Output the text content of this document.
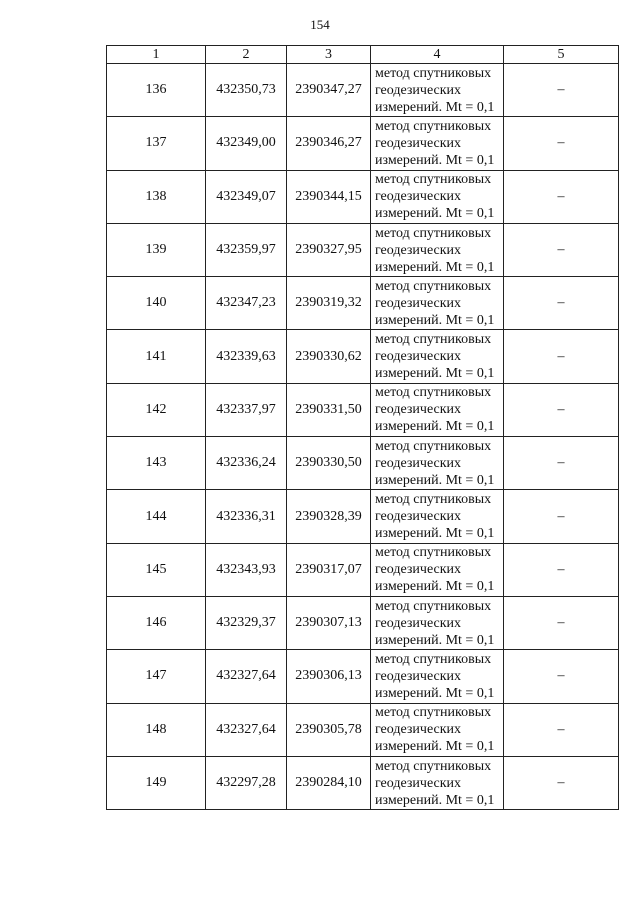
154
1	2	3	4	5
136	432350,73	2390347,27	метод спутниковых
геодезических
измерений. Mt = 0,1	–
137	432349,00	2390346,27	метод спутниковых
геодезических
измерений. Mt = 0,1	–
138	432349,07	2390344,15	метод спутниковых
геодезических
измерений. Mt = 0,1	–
139	432359,97	2390327,95	метод спутниковых
геодезических
измерений. Mt = 0,1	–
140	432347,23	2390319,32	метод спутниковых
геодезических
измерений. Mt = 0,1	–
141	432339,63	2390330,62	метод спутниковых
геодезических
измерений. Mt = 0,1	–
142	432337,97	2390331,50	метод спутниковых
геодезических
измерений. Mt = 0,1	–
143	432336,24	2390330,50	метод спутниковых
геодезических
измерений. Mt = 0,1	–
144	432336,31	2390328,39	метод спутниковых
геодезических
измерений. Mt = 0,1	–
145	432343,93	2390317,07	метод спутниковых
геодезических
измерений. Mt = 0,1	–
146	432329,37	2390307,13	метод спутниковых
геодезических
измерений. Mt = 0,1	–
147	432327,64	2390306,13	метод спутниковых
геодезических
измерений. Mt = 0,1	–
148	432327,64	2390305,78	метод спутниковых
геодезических
измерений. Mt = 0,1	–
149	432297,28	2390284,10	метод спутниковых
геодезических
измерений. Mt = 0,1	–
